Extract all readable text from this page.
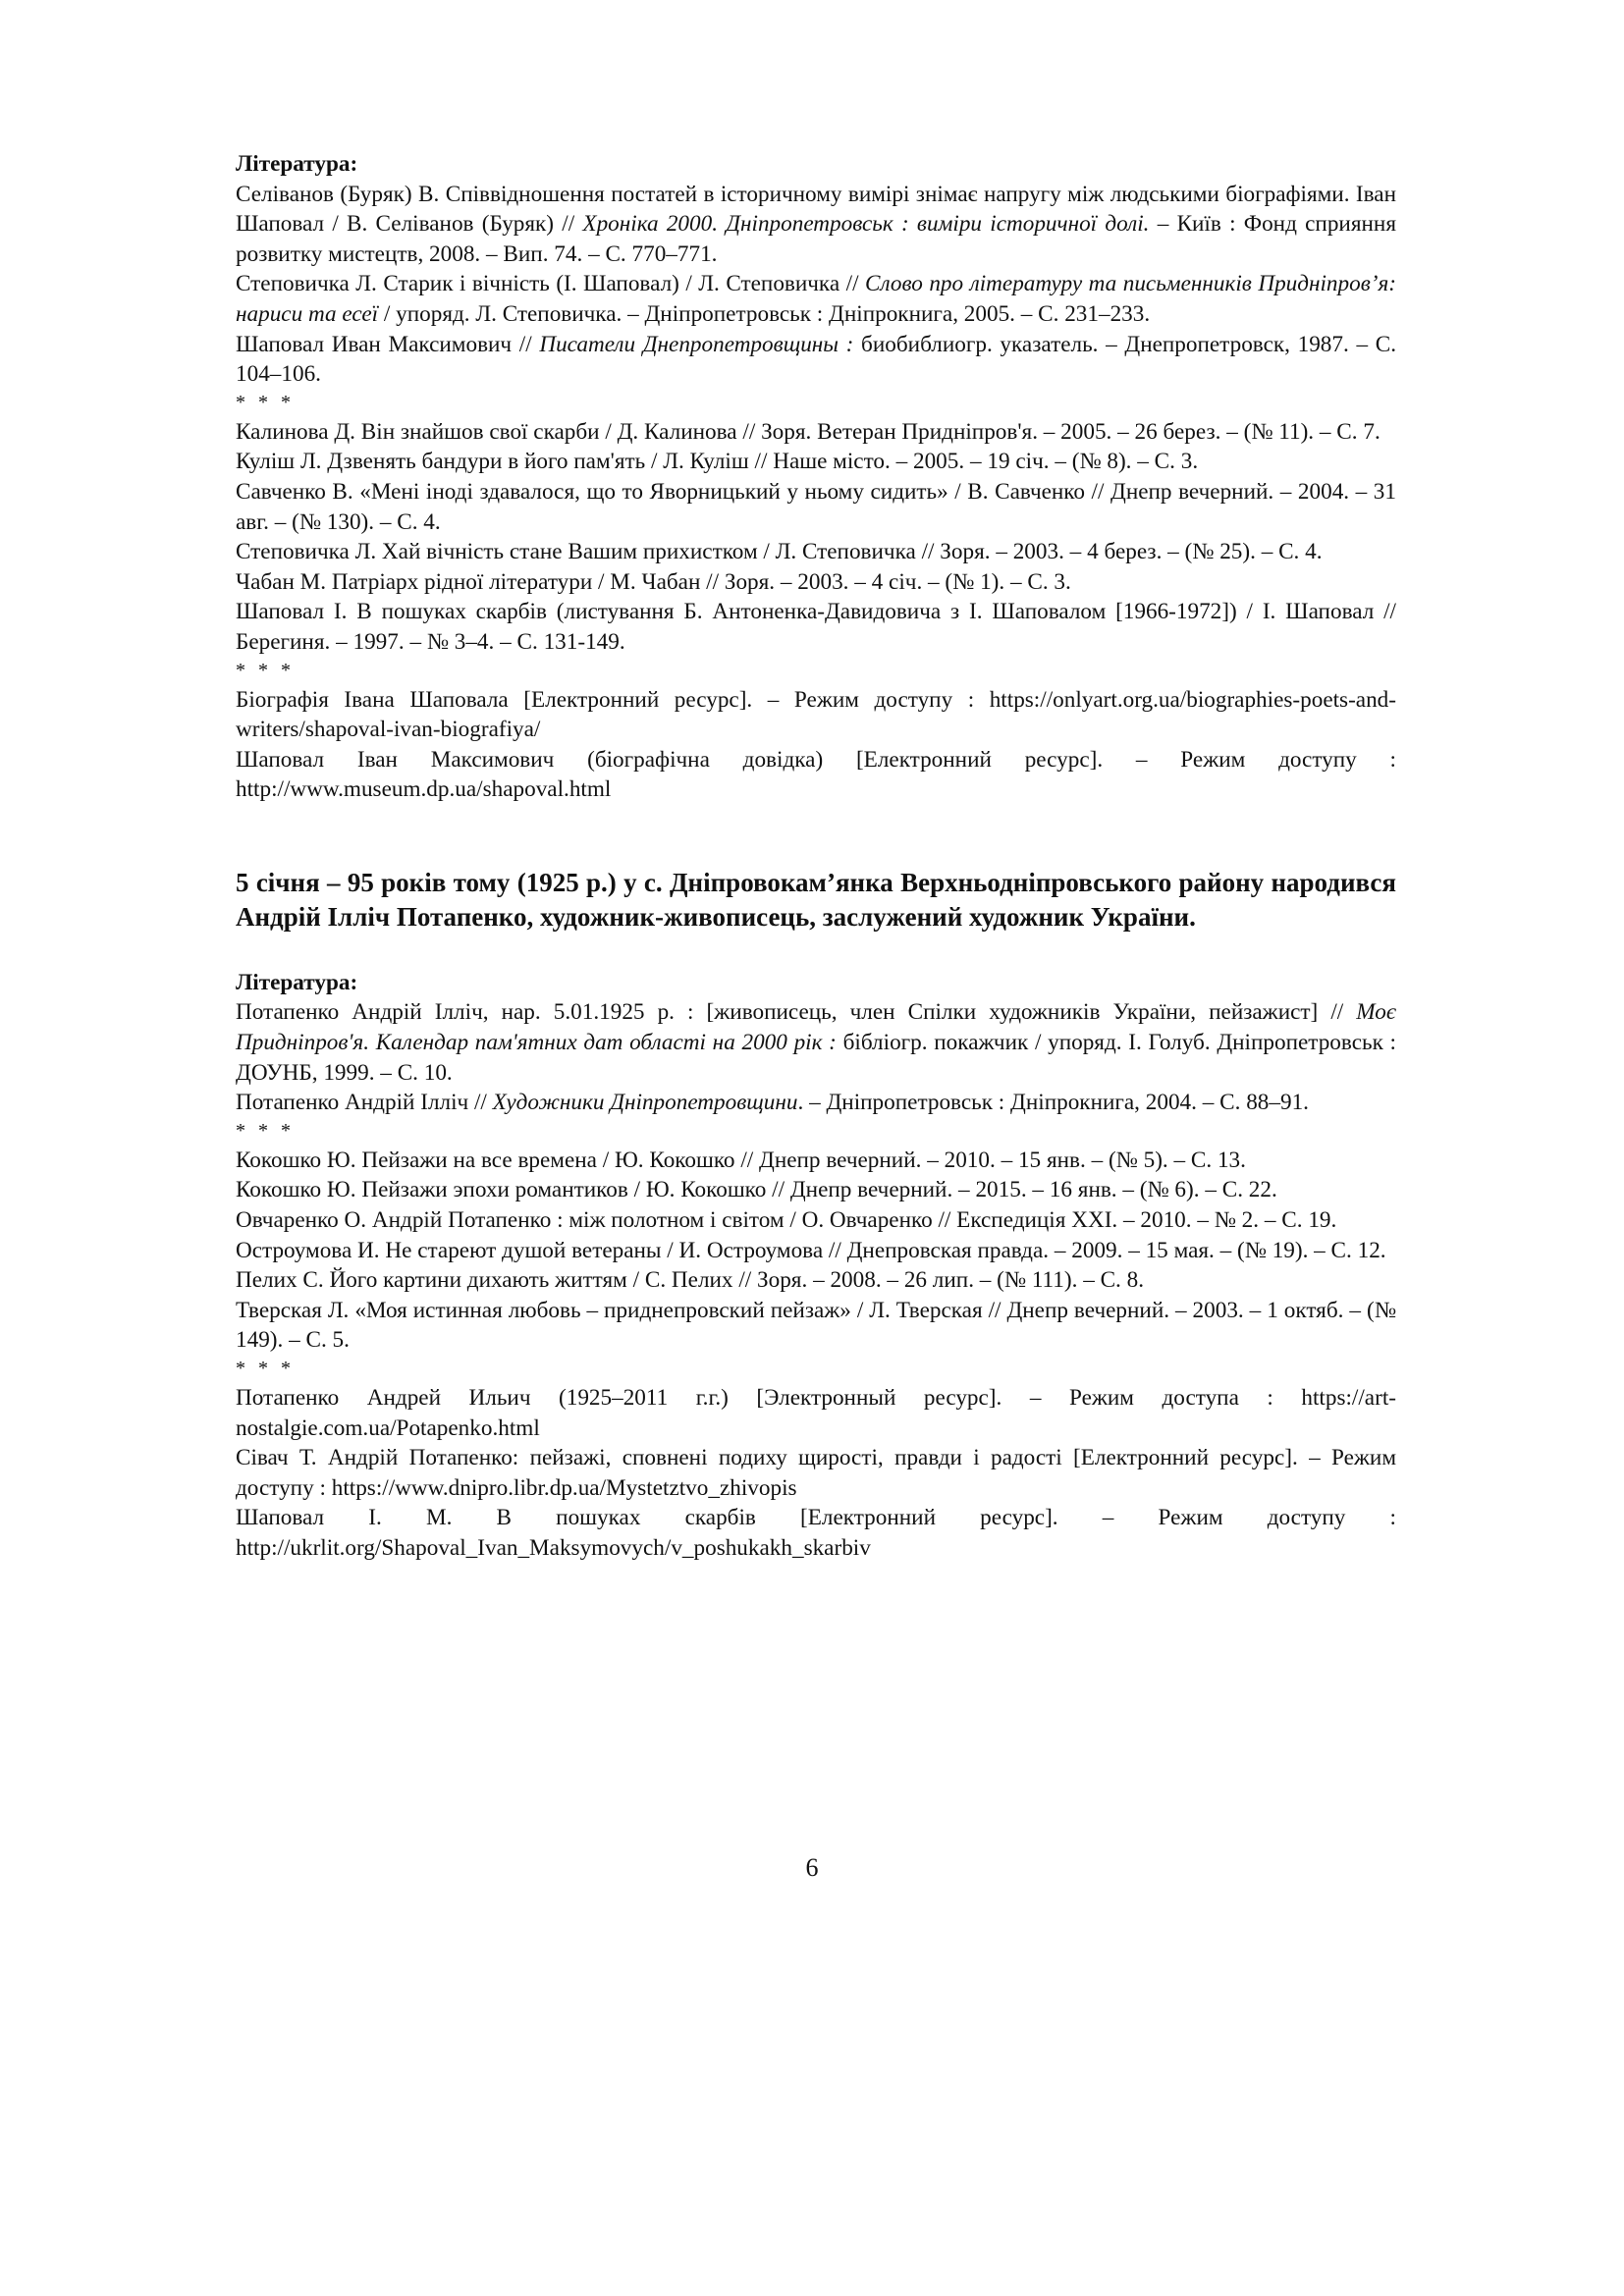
Література:

Селіванов (Буряк) В. Співвідношення постатей в історичному вимірі знімає напругу між людськими біографіями. Іван Шаповал / В. Селіванов (Буряк) // Хроніка 2000. Дніпропетровськ : виміри історичної долі. – Київ : Фонд сприяння розвитку мистецтв, 2008. – Вип. 74. – С. 770–771.

Степовичка Л. Старик і вічність (І. Шаповал) / Л. Степовичка // Слово про літературу та письменників Придніпров’я: нариси та есеї / упоряд. Л. Степовичка. – Дніпропетровськ : Дніпрокнига, 2005. – С. 231–233.

Шаповал Иван Максимович // Писатели Днепропетровщины : биобиблиогр. указатель. – Днепропетровск, 1987. – С. 104–106.

* * *

Калинова Д. Він знайшов свої скарби / Д. Калинова // Зоря. Ветеран Придніпров'я. – 2005. – 26 берез. – (№ 11). – С. 7.

Куліш Л. Дзвенять бандури в його пам'ять / Л. Куліш // Наше місто. – 2005. – 19 січ. – (№ 8). – С. 3.

Савченко В. «Мені іноді здавалося, що то Яворницький у ньому сидить» / В. Савченко // Днепр вечерний. – 2004. – 31 авг. – (№ 130). – С. 4.

Степовичка Л. Хай вічність стане Вашим прихистком / Л. Степовичка // Зоря. – 2003. – 4 берез. – (№ 25). – С. 4.

Чабан М. Патріарх рідної літератури / М. Чабан // Зоря. – 2003. – 4 січ. – (№ 1). – С. 3.

Шаповал І. В пошуках скарбів (листування Б. Антоненка-Давидовича з І. Шаповалом [1966-1972]) / І. Шаповал // Берегиня. – 1997. – № 3–4. – С. 131-149.

* * *

Біографія Івана Шаповала [Електронний ресурс]. – Режим доступу : https://onlyart.org.ua/biographies-poets-and-writers/shapoval-ivan-biografiya/

Шаповал Іван Максимович (біографічна довідка) [Електронний ресурс]. – Режим доступу : http://www.museum.dp.ua/shapoval.html

5 січня – 95 років тому (1925 р.) у с. Дніпровокам’янка Верхньодніпровського району народився Андрій Ілліч Потапенко, художник-живописець, заслужений художник України.

Література:

Потапенко Андрій Ілліч, нар. 5.01.1925 р. : [живописець, член Спілки художників України, пейзажист] // Моє Придніпров'я. Календар пам'ятних дат області на 2000 рік : бібліогр. покажчик / упоряд. І. Голуб. Дніпропетровськ : ДОУНБ, 1999. – С. 10.

Потапенко Андрій Ілліч // Художники Дніпропетровщини. – Дніпропетровськ : Дніпрокнига, 2004. – С. 88–91.

* * *

Кокошко Ю. Пейзажи на все времена / Ю. Кокошко // Днепр вечерний. – 2010. – 15 янв. – (№ 5). – С. 13.

Кокошко Ю. Пейзажи эпохи романтиков / Ю. Кокошко // Днепр вечерний. – 2015. – 16 янв. – (№ 6). – С. 22.

Овчаренко О. Андрій Потапенко : між полотном і світом / О. Овчаренко // Експедиція XXI. – 2010. – № 2. – С. 19.

Остроумова И. Не стареют душой ветераны / И. Остроумова // Днепровская правда. – 2009. – 15 мая. – (№ 19). – С. 12.

Пелих С. Його картини дихають життям / С. Пелих // Зоря. – 2008. – 26 лип. – (№ 111). – С. 8.

Тверская Л. «Моя истинная любовь – приднепровский пейзаж» / Л. Тверская // Днепр вечерний. – 2003. – 1 октяб. – (№ 149). – С. 5.

* * *

Потапенко Андрей Ильич (1925–2011 г.г.) [Электронный ресурс]. – Режим доступа : https://art-nostalgie.com.ua/Potapenko.html

Сівач Т. Андрій Потапенко: пейзажі, сповнені подиху щирості, правди і радості [Електронний ресурс]. – Режим доступу : https://www.dnipro.libr.dp.ua/Mystetztvo_zhivopis

Шаповал І. М. В пошуках скарбів [Електронний ресурс]. – Режим доступу : http://ukrlit.org/Shapoval_Ivan_Maksymovych/v_poshukakh_skarbiv

6
